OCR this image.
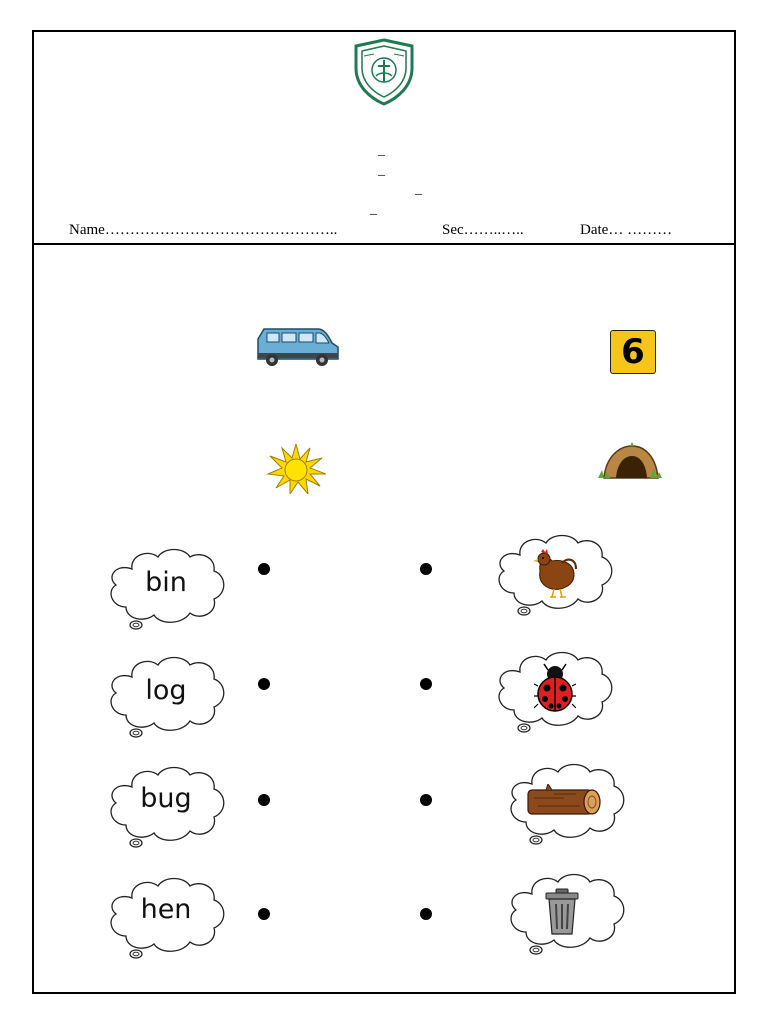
_
_
_
_
Name………………………………………..	Sec……..…..	Date… ………
6
bin
log
bug
hen
